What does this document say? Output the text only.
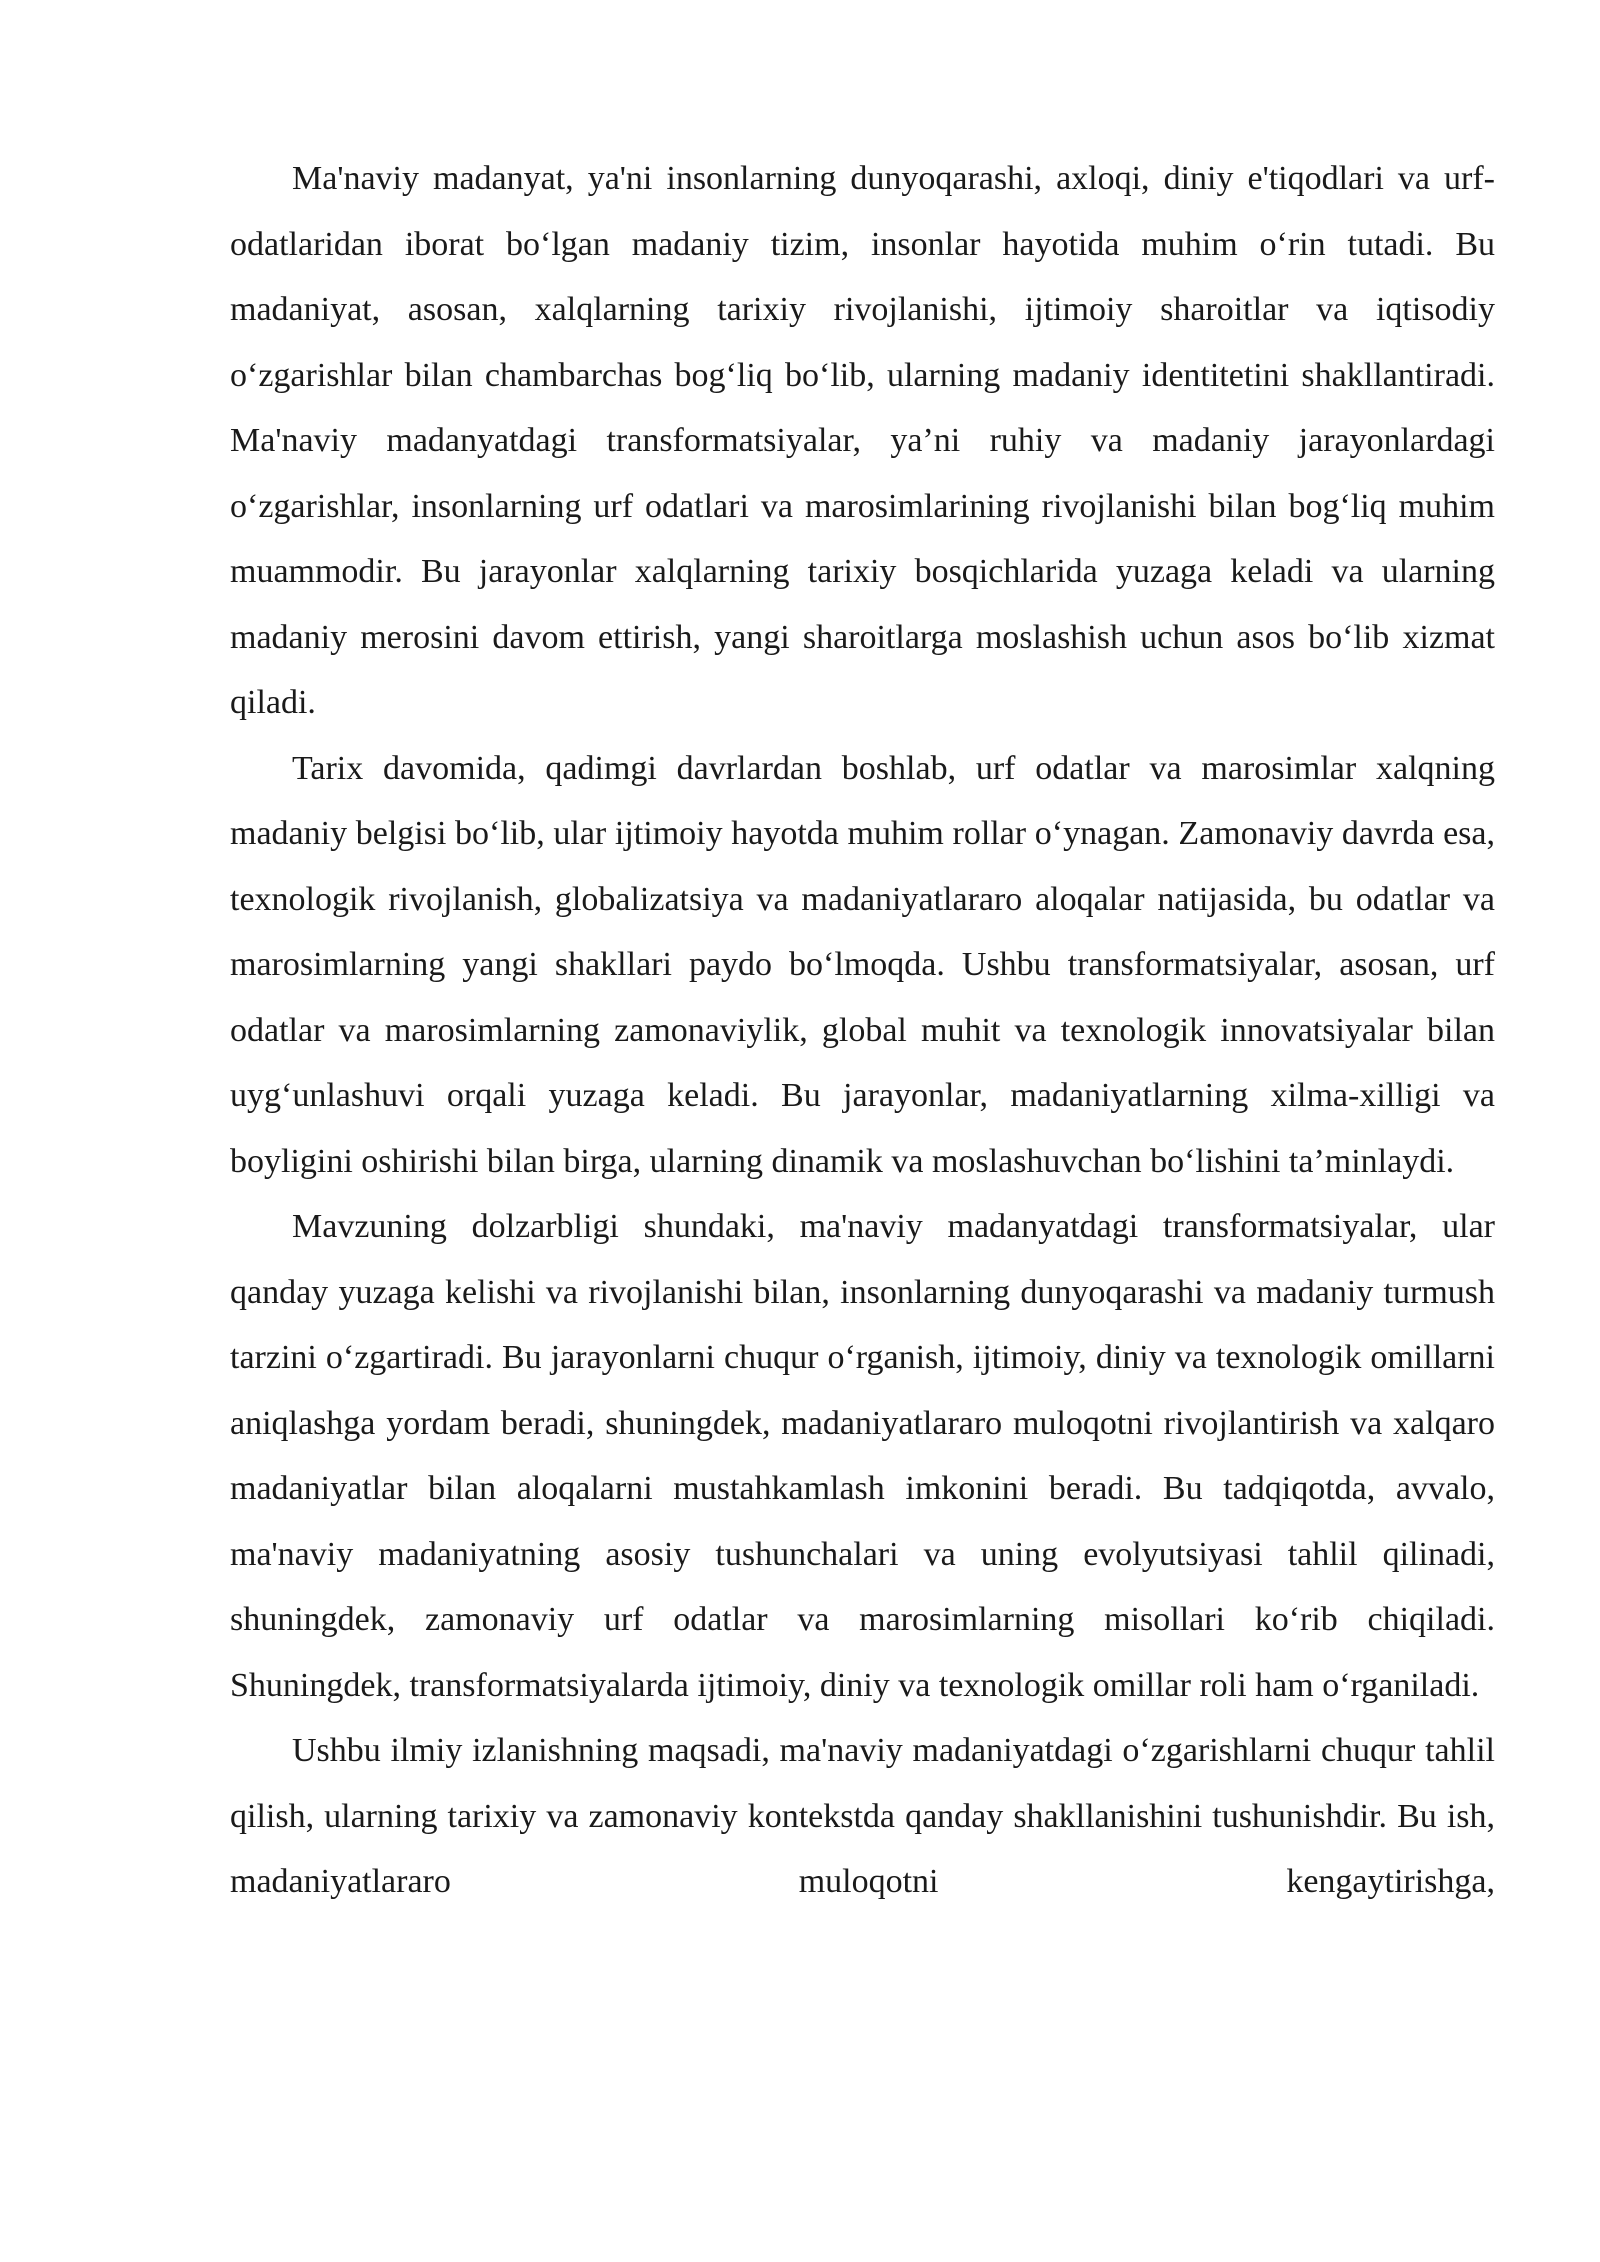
Ma'naviy madanyat, ya'ni insonlarning dunyoqarashi, axloqi, diniy e'tiqodlari va urf-odatlaridan iborat bo‘lgan madaniy tizim, insonlar hayotida muhim o‘rin tutadi. Bu madaniyat, asosan, xalqlarning tarixiy rivojlanishi, ijtimoiy sharoitlar va iqtisodiy o‘zgarishlar bilan chambarchas bog‘liq bo‘lib, ularning madaniy identitetini shakllantiradi. Ma'naviy madanyatdagi transformatsiyalar, ya’ni ruhiy va madaniy jarayonlardagi o‘zgarishlar, insonlarning urf odatlari va marosimlarining rivojlanishi bilan bog‘liq muhim muammodir. Bu jarayonlar xalqlarning tarixiy bosqichlarida yuzaga keladi va ularning madaniy merosini davom ettirish, yangi sharoitlarga moslashish uchun asos bo‘lib xizmat qiladi.

Tarix davomida, qadimgi davrlardan boshlab, urf odatlar va marosimlar xalqning madaniy belgisi bo‘lib, ular ijtimoiy hayotda muhim rollar o‘ynagan. Zamonaviy davrda esa, texnologik rivojlanish, globalizatsiya va madaniyatlararo aloqalar natijasida, bu odatlar va marosimlarning yangi shakllari paydo bo‘lmoqda. Ushbu transformatsiyalar, asosan, urf odatlar va marosimlarning zamonaviylik, global muhit va texnologik innovatsiyalar bilan uyg‘unlashuvi orqali yuzaga keladi. Bu jarayonlar, madaniyatlarning xilma-xilligi va boyligini oshirishi bilan birga, ularning dinamik va moslashuvchan bo‘lishini ta’minlaydi.

Mavzuning dolzarbligi shundaki, ma'naviy madanyatdagi transformatsiyalar, ular qanday yuzaga kelishi va rivojlanishi bilan, insonlarning dunyoqarashi va madaniy turmush tarzini o‘zgartiradi. Bu jarayonlarni chuqur o‘rganish, ijtimoiy, diniy va texnologik omillarni aniqlashga yordam beradi, shuningdek, madaniyatlararo muloqotni rivojlantirish va xalqaro madaniyatlar bilan aloqalarni mustahkamlash imkonini beradi. Bu tadqiqotda, avvalo, ma'naviy madaniyatning asosiy tushunchalari va uning evolyutsiyasi tahlil qilinadi, shuningdek, zamonaviy urf odatlar va marosimlarning misollari ko‘rib chiqiladi. Shuningdek, transformatsiyalarda ijtimoiy, diniy va texnologik omillar roli ham o‘rganiladi.

Ushbu ilmiy izlanishning maqsadi, ma'naviy madaniyatdagi o‘zgarishlarni chuqur tahlil qilish, ularning tarixiy va zamonaviy kontekstda qanday shakllanishini tushunishdir. Bu ish, madaniyatlararo muloqotni kengaytirishga,
